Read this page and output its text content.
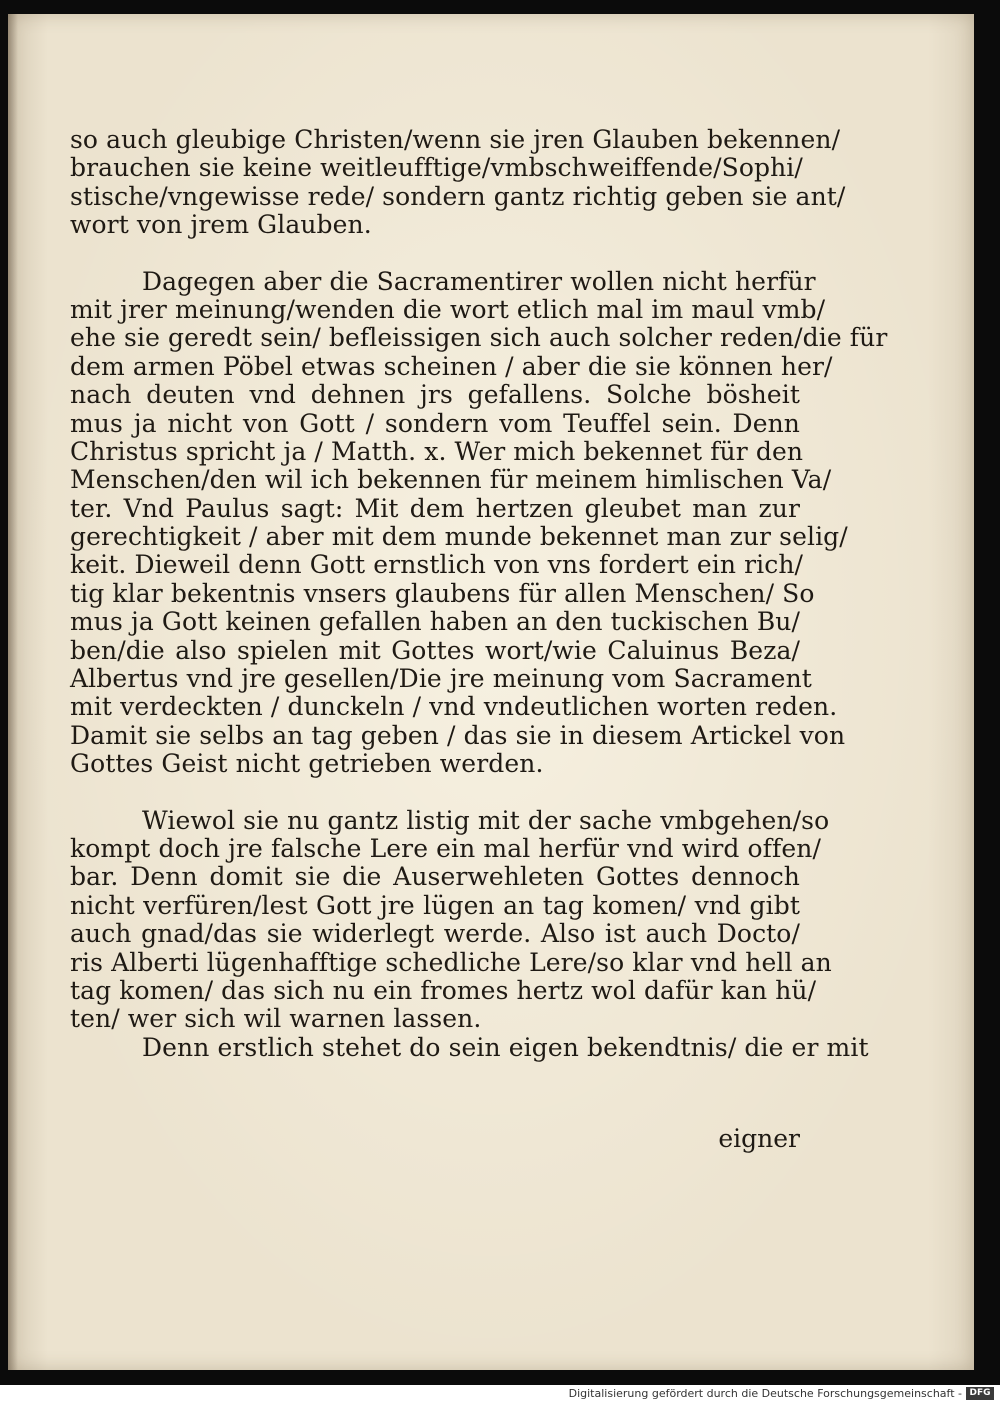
so auch gleubige Christen/wenn sie jren Glauben bekennen/
brauchen sie keine weitleufftige/vmbschweiffende/Sophi/
stische/vngewisse rede/ sondern gantz richtig geben sie ant/
wort von jrem Glauben.
Dagegen aber die Sacramentirer wollen nicht herfür
mit jrer meinung/wenden die wort etlich mal im maul vmb/
ehe sie geredt sein/ befleissigen sich auch solcher reden/die für
dem armen Pöbel etwas scheinen / aber die sie können her/
nach deuten vnd dehnen jrs gefallens. Solche bösheit
mus ja nicht von Gott / sondern vom Teuffel sein. Denn
Christus spricht ja / Matth. x. Wer mich bekennet für den
Menschen/den wil ich bekennen für meinem himlischen Va/
ter. Vnd Paulus sagt: Mit dem hertzen gleubet man zur
gerechtigkeit / aber mit dem munde bekennet man zur selig/
keit. Dieweil denn Gott ernstlich von vns fordert ein rich/
tig klar bekentnis vnsers glaubens für allen Menschen/ So
mus ja Gott keinen gefallen haben an den tuckischen Bu/
ben/die also spielen mit Gottes wort/wie Caluinus Beza/
Albertus vnd jre gesellen/Die jre meinung vom Sacrament
mit verdeckten / dunckeln / vnd vndeutlichen worten reden.
Damit sie selbs an tag geben / das sie in diesem Artickel von
Gottes Geist nicht getrieben werden.
Wiewol sie nu gantz listig mit der sache vmbgehen/so
kompt doch jre falsche Lere ein mal herfür vnd wird offen/
bar. Denn domit sie die Auserwehleten Gottes dennoch
nicht verfüren/lest Gott jre lügen an tag komen/ vnd gibt
auch gnad/das sie widerlegt werde. Also ist auch Docto/
ris Alberti lügenhafftige schedliche Lere/so klar vnd hell an
tag komen/ das sich nu ein fromes hertz wol dafür kan hü/
ten/ wer sich wil warnen lassen.
Denn erstlich stehet do sein eigen bekendtnis/ die er mit
eigner
Digitalisierung gefördert durch die Deutsche Forschungsgemeinschaft - DFG
